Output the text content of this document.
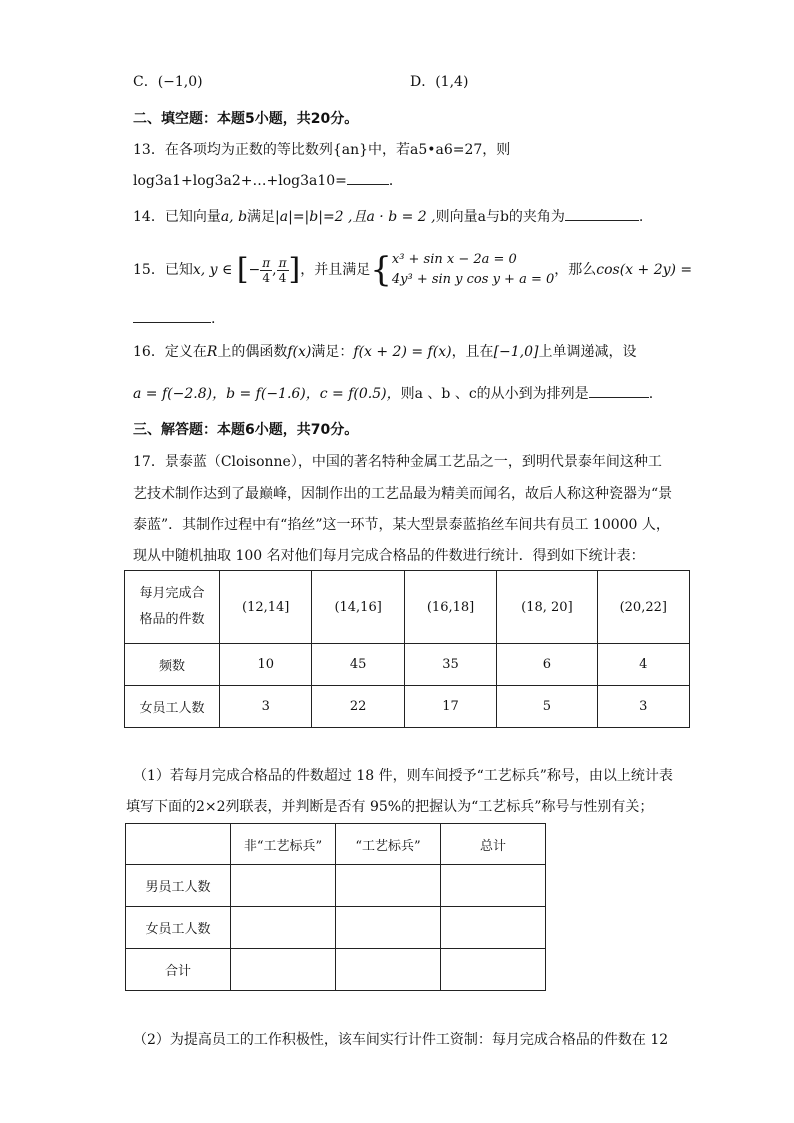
C．(−1,0)	D．(1,4)
二、填空题：本题5小题，共20分。
13．在各项均为正数的等比数列{an}中，若a5•a6=27，则
log3a1+log3a2+…+log3a10=	．
14．已知向量a, b满足|a|=|b|=2 ,且a · b = 2 ,则向量a与b的夹角为	.
15．已知x, y ∈ [− $\frac{\pi}{4}$ , $\frac{\pi}{4}$ ]，并且满足{ x³ + sin x − 2a = 0
4y³ + sin y cos y + a = 0
，那么cos(x + 2y) =
.
16．定义在R上的偶函数f(x)满足：f(x + 2) = f(x)，且在[−1,0]上单调递减，设
a = f(−2.8)，b = f(−1.6)，c = f(0.5)，则a 、b 、c的从小到为排列是	.
三、解答题：本题6小题，共70分。
17．景泰蓝（Cloisonne），中国的著名特种金属工艺品之一，到明代景泰年间这种工
艺技术制作达到了最巅峰，因制作出的工艺品最为精美而闻名，故后人称这种瓷器为“景
泰蓝”．其制作过程中有“掐丝”这一环节，某大型景泰蓝掐丝车间共有员工 10000 人，
现从中随机抽取 100 名对他们每月完成合格品的件数进行统计．得到如下统计表：
每月完成合
格品的件数	(12,14]	(14,16]	(16,18]	(18, 20]	(20,22]
频数	10	45	35	6	4
女员工人数	3	22	17	5	3
（1）若每月完成合格品的件数超过 18 件，则车间授予“工艺标兵”称号，由以上统计表
填写下面的2×2列联表，并判断是否有 95%的把握认为“工艺标兵”称号与性别有关；
	非“工艺标兵”	“工艺标兵”	总计
男员工人数			
女员工人数			
合计			
（2）为提高员工的工作积极性，该车间实行计件工资制：每月完成合格品的件数在 12
